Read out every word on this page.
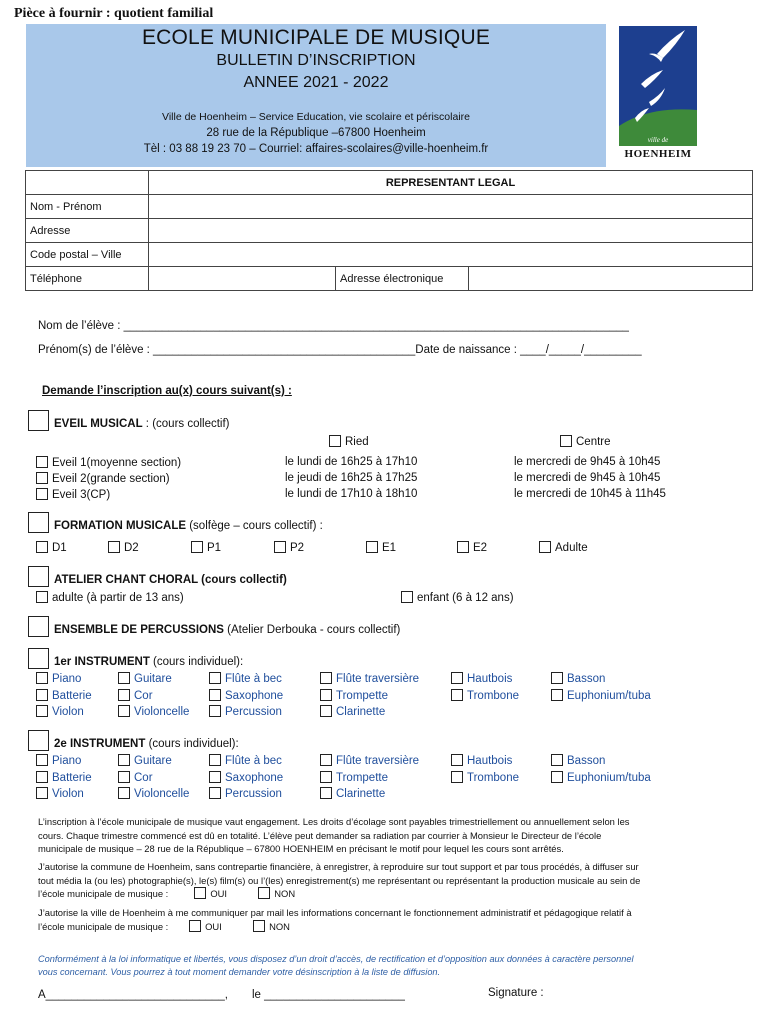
Pièce à fournir : quotient familial
ECOLE MUNICIPALE DE MUSIQUE
BULLETIN D’INSCRIPTION
ANNEE 2021 - 2022
Ville de Hoenheim – Service Education, vie scolaire et périscolaire
28 rue de la République –67800 Hoenheim
Tèl : 03 88 19 23 70 – Courriel: affaires-scolaires@ville-hoenheim.fr
ville de
HOENHEIM
	REPRESENTANT LEGAL		
Nom - Prénom			
Adresse			
Code postal – Ville			
Téléphone		Adresse électronique	
Nom de l’élève : _______________________________________________________________________________
Prénom(s) de l’élève : _________________________________________Date de naissance : ____/_____/_________
Demande l’inscription au(x) cours suivant(s) :
EVEIL MUSICAL : (cours collectif)
Ried	Centre
Eveil 1(moyenne section)	le lundi de 16h25 à 17h10	le mercredi de 9h45 à 10h45
Eveil 2(grande section)	le jeudi de 16h25 à 17h25	le mercredi de 9h45 à 10h45
Eveil 3(CP)	le lundi de 17h10 à 18h10	le mercredi de 10h45 à 11h45
FORMATION MUSICALE (solfège – cours collectif) :
D1	D2	P1	P2	E1	E2	Adulte
ATELIER CHANT CHORAL (cours collectif)
adulte (à partir de 13 ans)	enfant (6 à 12 ans)
ENSEMBLE DE PERCUSSIONS (Atelier Derbouka - cours collectif)
1er INSTRUMENT (cours individuel):
Piano	Guitare	Flûte à bec	Flûte traversière	Hautbois	Basson
Batterie	Cor	Saxophone	Trompette	Trombone	Euphonium/tuba
Violon	Violoncelle	Percussion	Clarinette
2e INSTRUMENT (cours individuel):
Piano	Guitare	Flûte à bec	Flûte traversière	Hautbois	Basson
Batterie	Cor	Saxophone	Trompette	Trombone	Euphonium/tuba
Violon	Violoncelle	Percussion	Clarinette
L’inscription à l’école municipale de musique vaut engagement. Les droits d’écolage sont payables trimestriellement ou annuellement selon les
cours. Chaque trimestre commencé est dû en totalité. L’élève peut demander sa radiation par courrier à Monsieur le Directeur de l’école
municipale de musique – 28 rue de la République – 67800 HOENHEIM en précisant le motif pour lequel les cours sont arrêtés.
J’autorise la commune de Hoenheim, sans contrepartie financière, à enregistrer, à reproduire sur tout support et par tous procédés, à diffuser sur
tout média la (ou les) photographie(s), le(s) film(s) ou l’(les) enregistrement(s) me représentant ou représentant la production musicale au sein de
l’école municipale de musique :	OUI	NON
J’autorise la ville de Hoenheim à me communiquer par mail les informations concernant le fonctionnement administratif et pédagogique relatif à
l’école municipale de musique :	OUI	NON
Conformément à la loi informatique et libertés, vous disposez d’un droit d’accès, de rectification et d’opposition aux données à caractère personnel
vous concernant. Vous pourrez à tout moment demander votre désinscription à la liste de diffusion.
A____________________________, le ______________________	Signature :
